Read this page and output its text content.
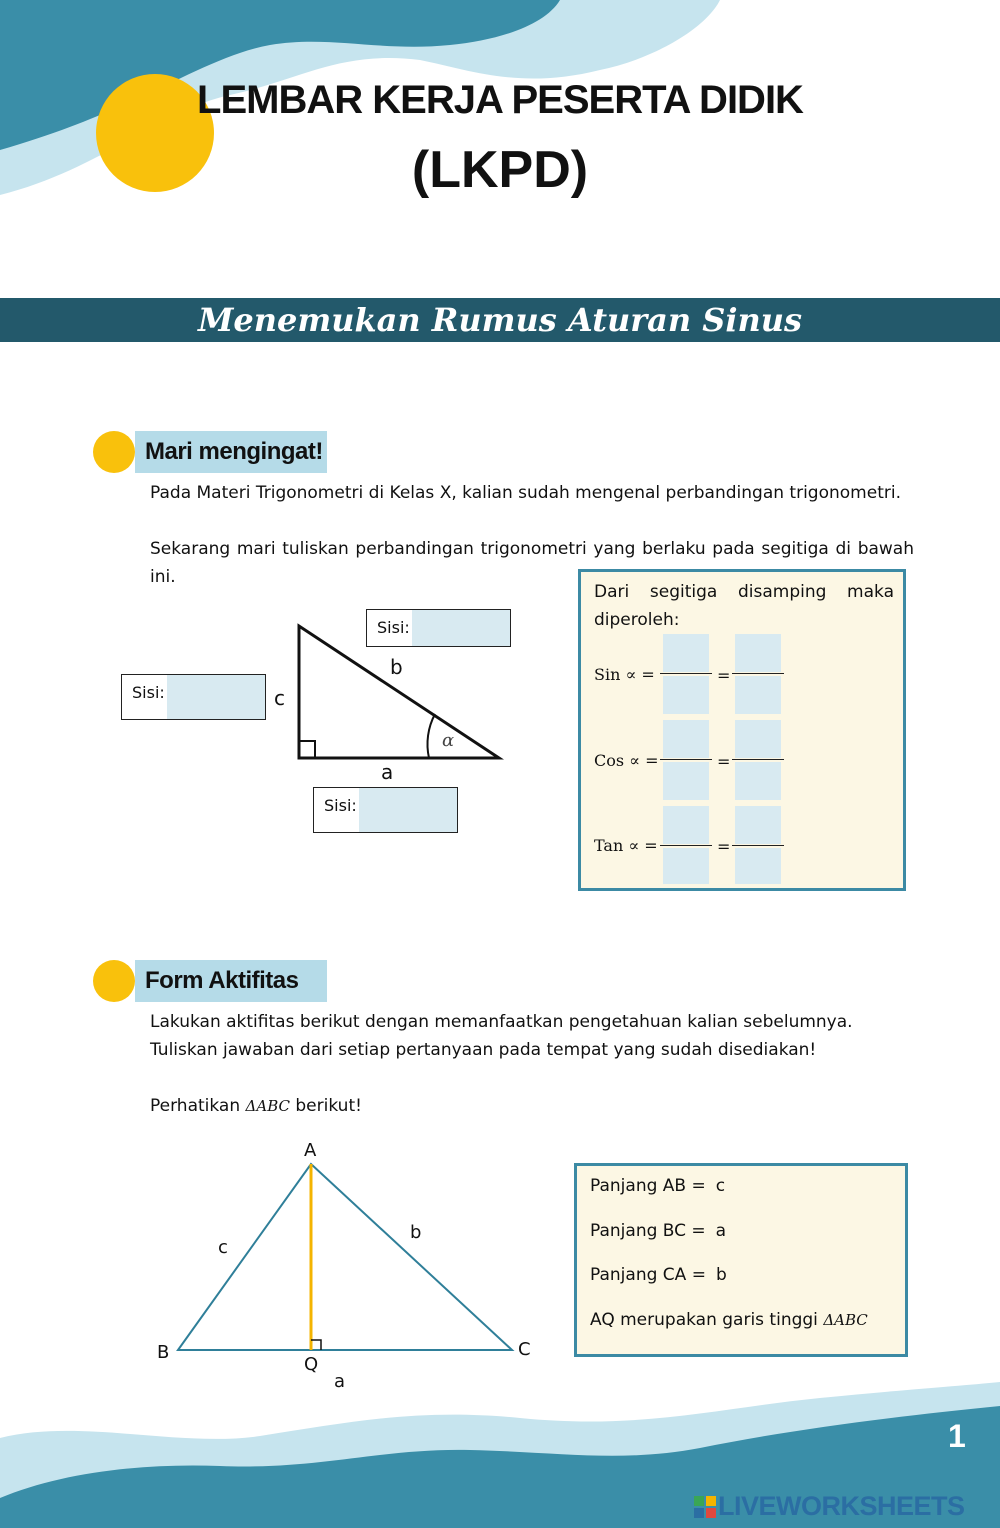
LEMBAR KERJA PESERTA DIDIK
(LKPD)
Menemukan Rumus Aturan Sinus
Mari mengingat!
Pada Materi Trigonometri di Kelas X, kalian sudah mengenal perbandingan trigonometri.
Sekarang mari tuliskan perbandingan trigonometri yang berlaku pada segitiga di bawah ini.
b
c
a
α
Sisi:
Sisi:
Sisi:
Dari segitiga disamping maka diperoleh:
Sin ∝ =	=
Cos ∝ =	=
Tan ∝ =	=
Form Aktifitas
Lakukan aktifitas berikut dengan memanfaatkan pengetahuan kalian sebelumnya.
Tuliskan jawaban dari setiap pertanyaan pada tempat yang sudah disediakan!
Perhatikan ΔABC berikut!
A
B	C
Q
c
b
a
Panjang AB = c
Panjang BC = a
Panjang CA = b
AQ merupakan garis tinggi ΔABC
1
LIVEWORKSHEETS
